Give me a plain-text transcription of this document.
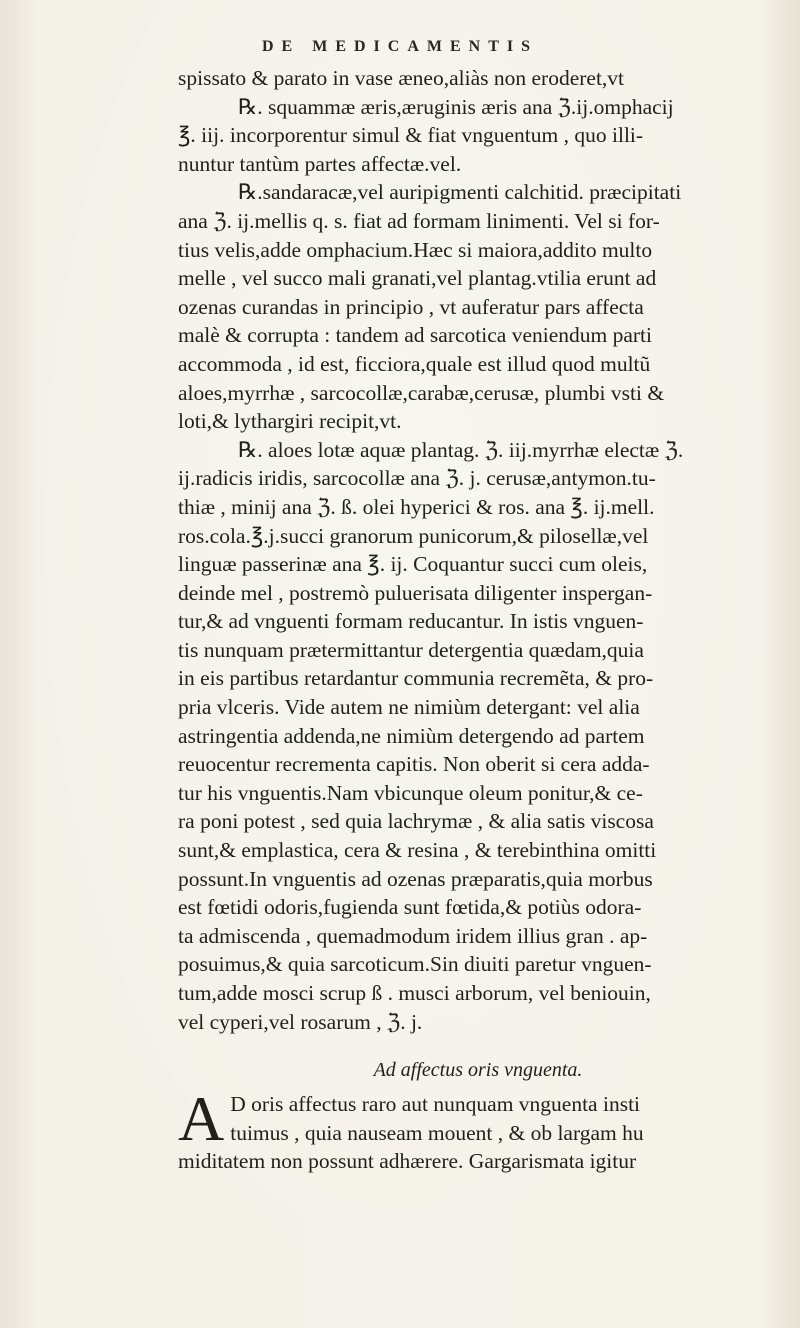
DE MEDICAMENTIS
spissato & parato in vase æneo,aliàs non eroderet,vt
℞. squammæ æris,æruginis æris ana ℨ.ij.omphacij
℥. iij. incorporentur simul & fiat vnguentum , quo illi-
nuntur tantùm partes affectæ.vel.
℞.sandaracæ,vel auripigmenti calchitid. præcipitati
ana ℨ. ij.mellis q. s. fiat ad formam linimenti. Vel si for-
tius velis,adde omphacium.Hæc si maiora,addito multo
melle , vel succo mali granati,vel plantag.vtilia erunt ad
ozenas curandas in principio , vt auferatur pars affecta
malè & corrupta : tandem ad sarcotica veniendum parti
accommoda , id est, ficciora,quale est illud quod multũ
aloes,myrrhæ , sarcocollæ,carabæ,cerusæ, plumbi vsti &
loti,& lythargiri recipit,vt.
℞. aloes lotæ aquæ plantag. ℨ. iij.myrrhæ electæ ℨ.
ij.radicis iridis, sarcocollæ ana ℨ. j. cerusæ,antymon.tu-
thiæ , minij ana ℨ. ß. olei hyperici & ros. ana ℥. ij.mell.
ros.cola.℥.j.succi granorum punicorum,& pilosellæ,vel
linguæ passerinæ ana ℥. ij. Coquantur succi cum oleis,
deinde mel , postremò puluerisata diligenter inspergan-
tur,& ad vnguenti formam reducantur. In istis vnguen-
tis nunquam prætermittantur detergentia quædam,quia
in eis partibus retardantur communia recremẽta, & pro-
pria vlceris. Vide autem ne nimiùm detergant: vel alia
astringentia addenda,ne nimiùm detergendo ad partem
reuocentur recrementa capitis. Non oberit si cera adda-
tur his vnguentis.Nam vbicunque oleum ponitur,& ce-
ra poni potest , sed quia lachrymæ , & alia satis viscosa
sunt,& emplastica, cera & resina , & terebinthina omitti
possunt.In vnguentis ad ozenas præparatis,quia morbus
est fœtidi odoris,fugienda sunt fœtida,& potiùs odora-
ta admiscenda , quemadmodum iridem illius gran . ap-
posuimus,& quia sarcoticum.Sin diuiti paretur vnguen-
tum,adde mosci scrup ß . musci arborum, vel beniouin,
vel cyperi,vel rosarum , ℨ. j.
Ad affectus oris vnguenta.
A D oris affectus raro aut nunquam vnguenta insti
tuimus , quia nauseam mouent , & ob largam hu
miditatem non possunt adhærere. Gargarismata igitur
